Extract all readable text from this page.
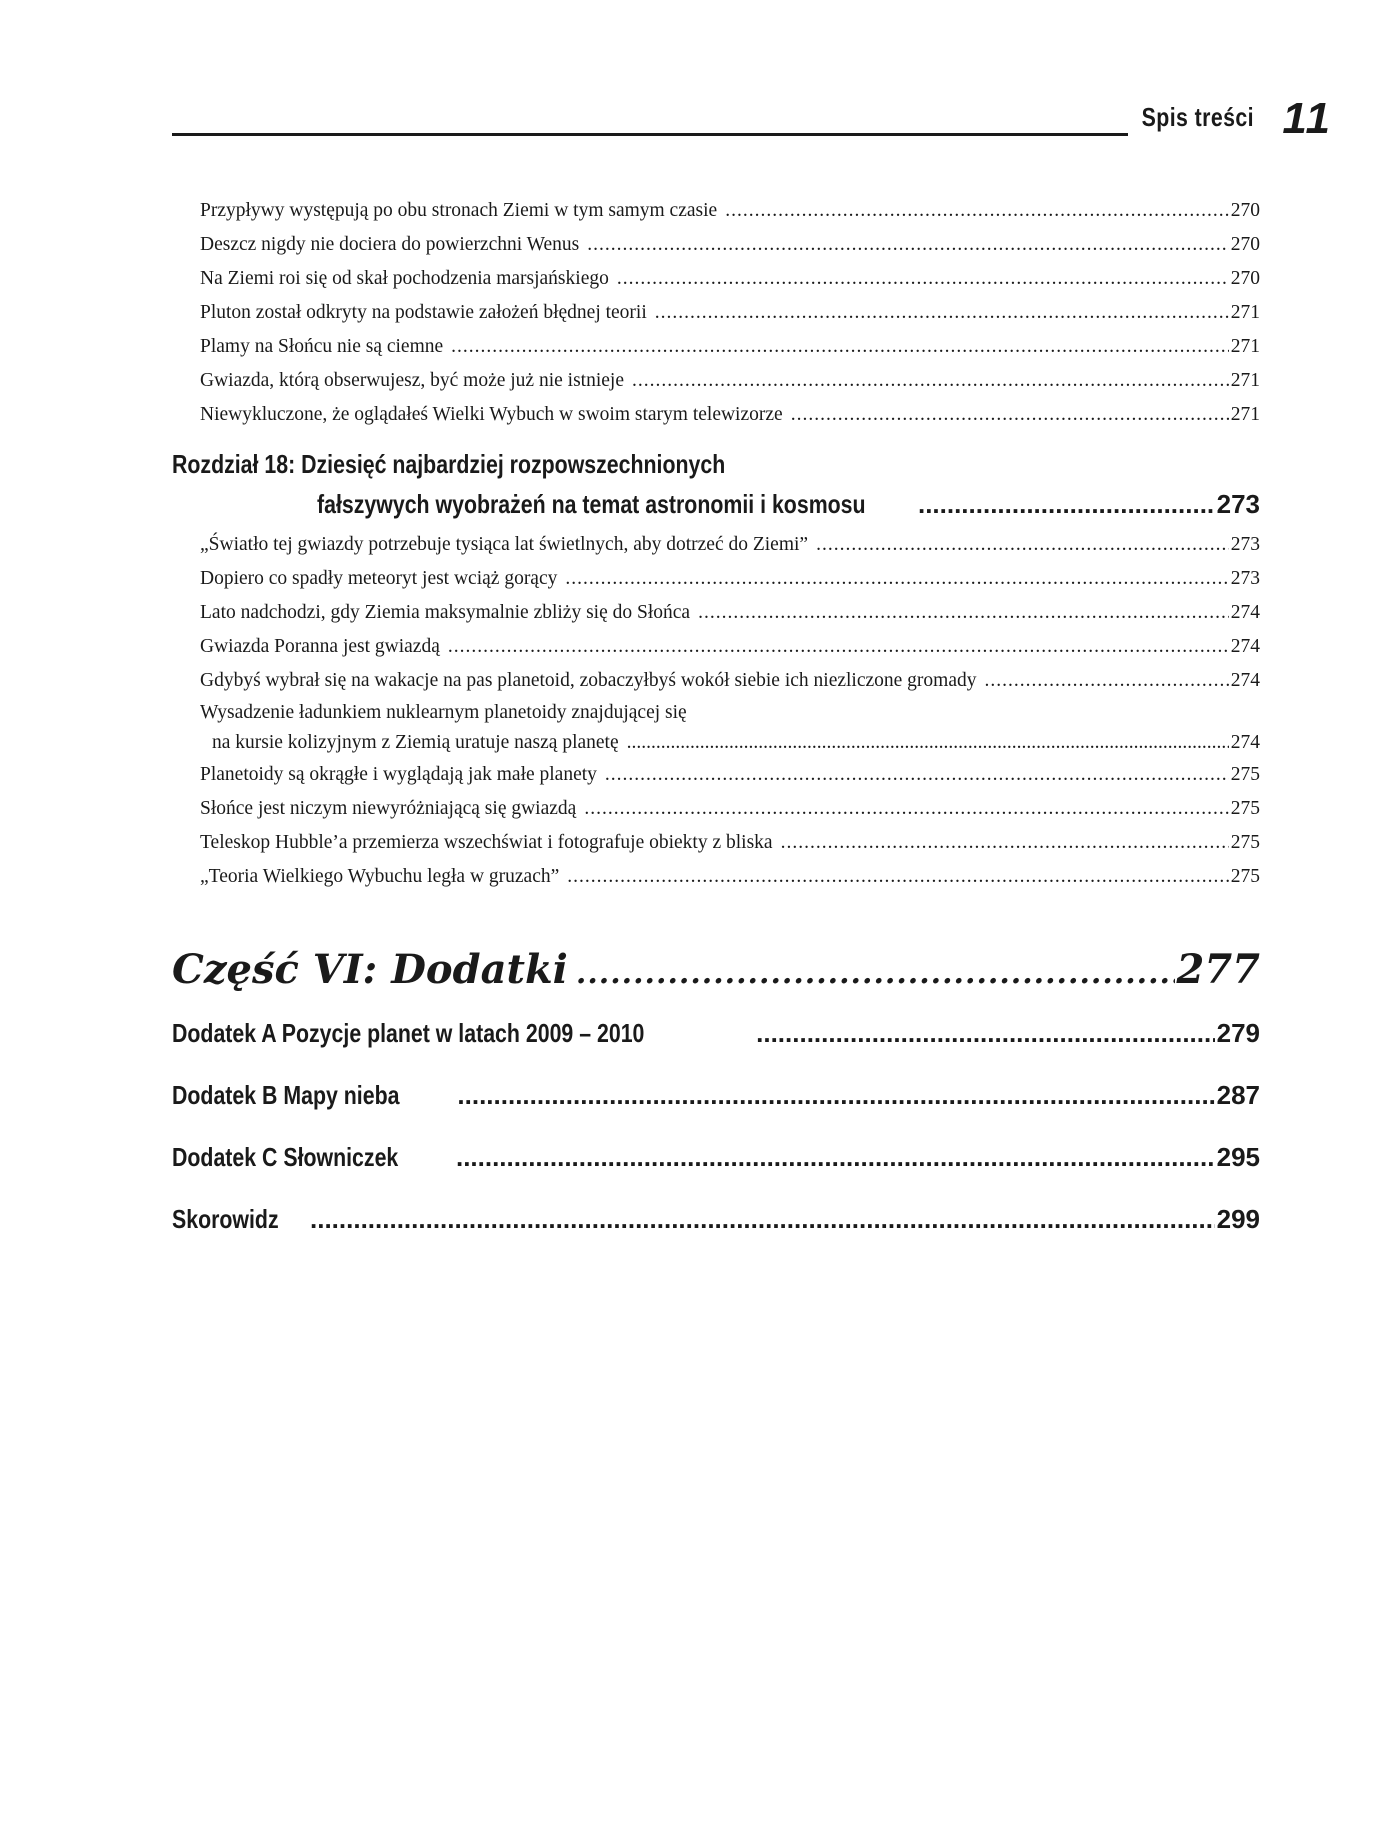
Spis treści 11
Przypływy występują po obu stronach Ziemi w tym samym czasie .....	270
Deszcz nigdy nie dociera do powierzchni Wenus .....	270
Na Ziemi roi się od skał pochodzenia marsjańskiego .....	270
Pluton został odkryty na podstawie założeń błędnej teorii .....	271
Plamy na Słońcu nie są ciemne .....	271
Gwiazda, którą obserwujesz, być może już nie istnieje .....	271
Niewykluczone, że oglądałeś Wielki Wybuch w swoim starym telewizorze .....	271
Rozdział 18: Dziesięć najbardziej rozpowszechnionych
fałszywych wyobrażeń na temat astronomii i kosmosu .....	273
„Światło tej gwiazdy potrzebuje tysiąca lat świetlnych, aby dotrzeć do Ziemi” .....	273
Dopiero co spadły meteoryt jest wciąż gorący .....	273
Lato nadchodzi, gdy Ziemia maksymalnie zbliży się do Słońca .....	274
Gwiazda Poranna jest gwiazdą .....	274
Gdybyś wybrał się na wakacje na pas planetoid, zobaczyłbyś wokół siebie ich niezliczone gromady .....	274
Wysadzenie ładunkiem nuklearnym planetoidy znajdującej się
na kursie kolizyjnym z Ziemią uratuje naszą planetę .....	274
Planetoidy są okrągłe i wyglądają jak małe planety .....	275
Słońce jest niczym niewyróżniającą się gwiazdą .....	275
Teleskop Hubble’a przemierza wszechświat i fotografuje obiekty z bliska .....	275
„Teoria Wielkiego Wybuchu legła w gruzach” .....	275
Część VI: Dodatki .....	277
Dodatek A Pozycje planet w latach 2009 – 2010 .....	279
Dodatek B Mapy nieba .....	287
Dodatek C Słowniczek .....	295
Skorowidz .....	299
